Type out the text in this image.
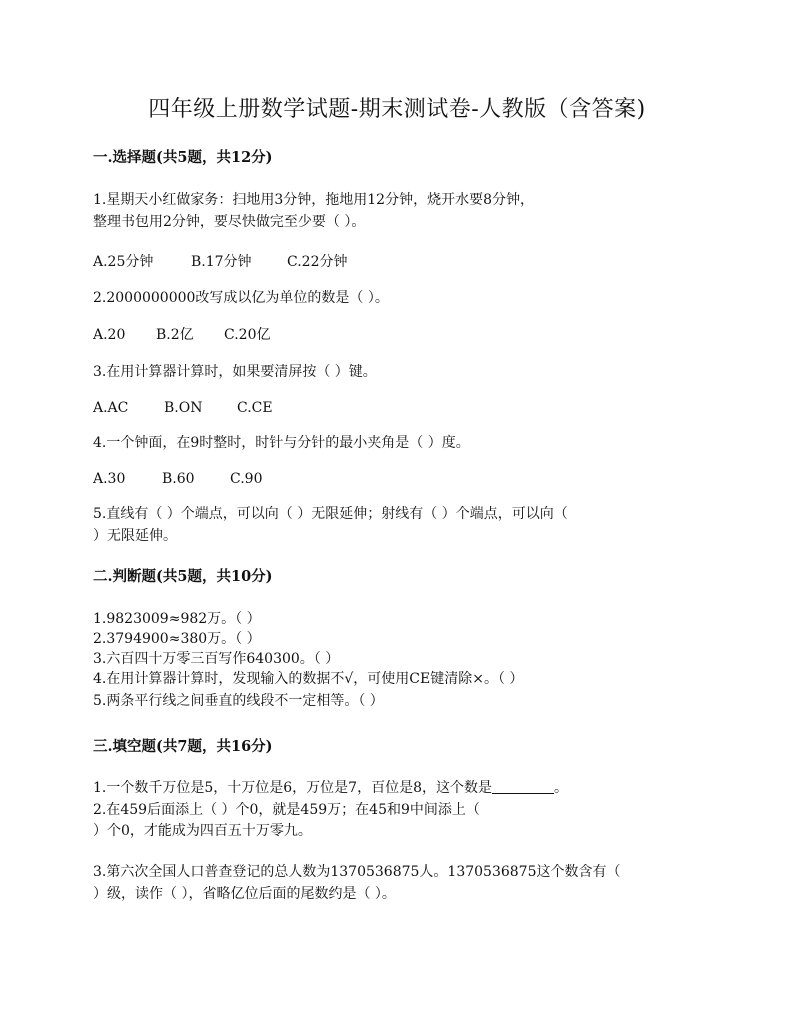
四年级上册数学试题-期末测试卷-人教版（含答案)
一.选择题(共5题，共12分)
1.星期天小红做家务：扫地用3分钟，拖地用12分钟，烧开水要8分钟，
整理书包用2分钟，要尽快做完至少要（ ）。
A.25分钟	B.17分钟	C.22分钟
2.2000000000改写成以亿为单位的数是（ ）。
A.20 B.2亿 C.20亿
3.在用计算器计算时，如果要清屏按（ ）键。
A.AC	B.ON C.CE
4.一个钟面，在9时整时，时针与分针的最小夹角是（ ）度。
A.30	B.60	C.90
5.直线有（ ）个端点，可以向（ ）无限延伸；射线有（ ）个端点，可以向（
）无限延伸。
二.判断题(共5题，共10分)
1.9823009≈982万。（ ）
2.3794900≈380万。（ ）
3.六百四十万零三百写作640300。（ ）
4.在用计算器计算时，发现输入的数据不√，可使用CE键清除×。（ ）
5.两条平行线之间垂直的线段不一定相等。（ ）
三.填空题(共7题，共16分)
1.一个数千万位是5，十万位是6，万位是7，百位是8，这个数是	。
2.在459后面添上（ ）个0，就是459万；在45和9中间添上（
）个0，才能成为四百五十万零九。
3.第六次全国人口普查登记的总人数为1370536875人。1370536875这个数含有（
）级，读作（ ），省略亿位后面的尾数约是（ ）。
